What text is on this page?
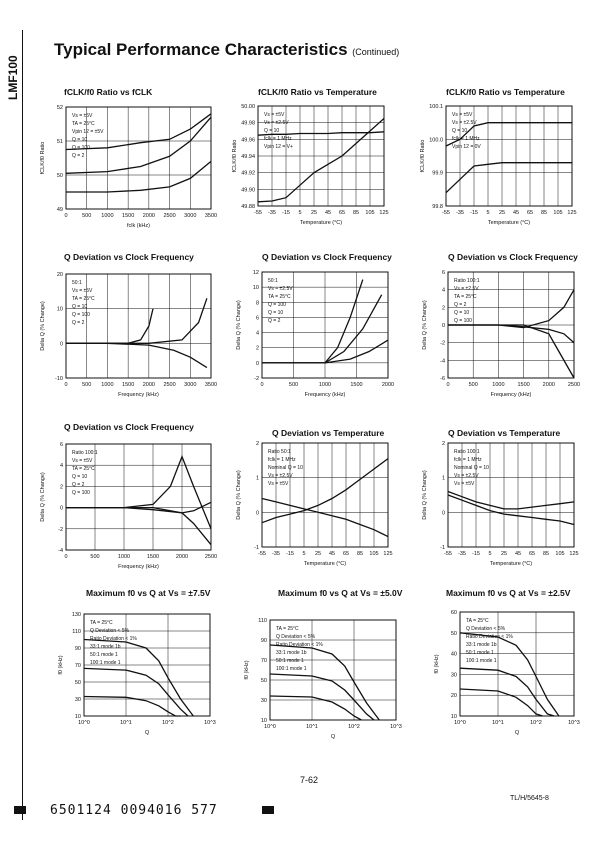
LMF100
Typical Performance Characteristics (Continued)
fCLK/f0 Ratio vs fCLK
0	500 1000 1500 2000 2500 3000 3500
49
50
51
52
fclk (kHz)
fCLK/f0 Ratio
Vs = ±5V
TA = 25°C
Vpin 12 = ±5V
Q = 10
Q = 100
Q = 2
fCLK/f0 Ratio vs Temperature
-55 -35 -15 5 25 45 65 85 105 125
49.88
49.90
49.92
49.94
49.96
49.98
50.00
Temperature (°C)
fCLK/f0 Ratio
Vs = ±5V
Vs = ±2.5V
Q = 10
fclk = 1 MHz
Vpin 12 = V+
fCLK/f0 Ratio vs Temperature
-55 -35 -15 5 25 45 65 85 105 125
99.8
99.9
100.0
100.1
Temperature (°C)
fCLK/f0 Ratio
Vs = ±5V
Vs = ±2.5V
Q = 10
fclk = 1 MHz
Vpin 12 = 0V
Q Deviation vs Clock Frequency
0	500 1000 1500 2000 2500 3000 3500
-10
0
10
20
Frequency (kHz)
Delta Q (% Change)
50:1
Vs = ±5V
TA = 25°C
Q = 10
Q = 100
Q = 2
Q Deviation vs Clock Frequency
0	500	1000	1500	2000
-2
0
2
4
6
8
10
12
Frequency (kHz)
Delta Q (% Change)
50:1
Vs = ±2.5V
TA = 25°C
Q = 100
Q = 10
Q = 2
Q Deviation vs Clock Frequency
0	500	1000 1500 2000 2500
-6
-4
-2
0
2
4
6
Frequency (kHz)
Delta Q (% Change)
Ratio 100:1
Vs = ±2.5V
TA = 25°C
Q = 2
Q = 10
Q = 100
Q Deviation vs Clock Frequency
0	500	1000	1500	2000	2500
-4
-2
0
2
4
6
Frequency (kHz)
Delta Q (% Change)
Ratio 100:1
Vs = ±5V
TA = 25°C
Q = 10
Q = 2
Q = 100
Q Deviation vs Temperature
-55 -35 -15 5 25 45 65 85 105 125
-1
0
1
2
Temperature (°C)
Delta Q (% Change)
Ratio 50:1
fclk = 1 MHz
Nominal Q = 10
Vs = ±2.5V
Vs = ±5V
Q Deviation vs Temperature
-55 -35 -15 5 25 45 65 85 105 125
-1
0
1
2
Temperature (°C)
Delta Q (% Change)
Ratio 100:1
fclk = 1 MHz
Nominal Q = 10
Vs = ±2.5V
Vs = ±5V
Maximum f0 vs Q at Vs = ±7.5V
10^0	10^1	10^2	10^3
10
30
50
70
90
110
130
Q
f0 (kHz)
TA = 25°C
Q Deviation < 5%
Ratio Deviation < 1%
33:1 mode 1b
50:1 mode 1
100:1 mode 1
Maximum f0 vs Q at Vs = ±5.0V
10^0	10^1	10^2	10^3
10
30
50
70
90
110
Q
f0 (kHz)
TA = 25°C
Q Deviation < 5%
Ratio Deviation < 1%
33:1 mode 1b
50:1 mode 1
100:1 mode 1
Maximum f0 vs Q at Vs = ±2.5V
10^0	10^1	10^2	10^3
10
20
30
40
50
60
Q
f0 (kHz)
TA = 25°C
Q Deviation < 5%
Ratio Deviation < 1%
33:1 mode 1b
50:1 mode 1
100:1 mode 1
TL/H/5645-8
7-62
6501124 0094016 577
